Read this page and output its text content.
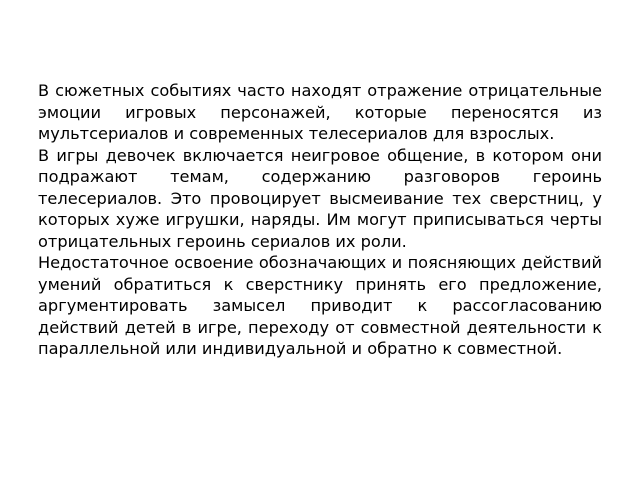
В сюжетных событиях часто находят отражение отрицательные эмоции игровых персонажей, которые переносятся из мультсериалов и современных телесериалов для взрослых.

В игры девочек включается неигровое общение, в котором они подражают темам, содержанию разговоров героинь телесериалов. Это провоцирует высмеивание тех сверстниц, у которых хуже игрушки, наряды. Им могут приписываться черты отрицательных героинь сериалов их роли.

Недостаточное освоение обозначающих и поясняющих действий умений обратиться к сверстнику принять его предложение, аргументировать замысел приводит к рассогласованию действий детей в игре, переходу от совместной деятельности к параллельной или индивидуальной и обратно к совместной.
